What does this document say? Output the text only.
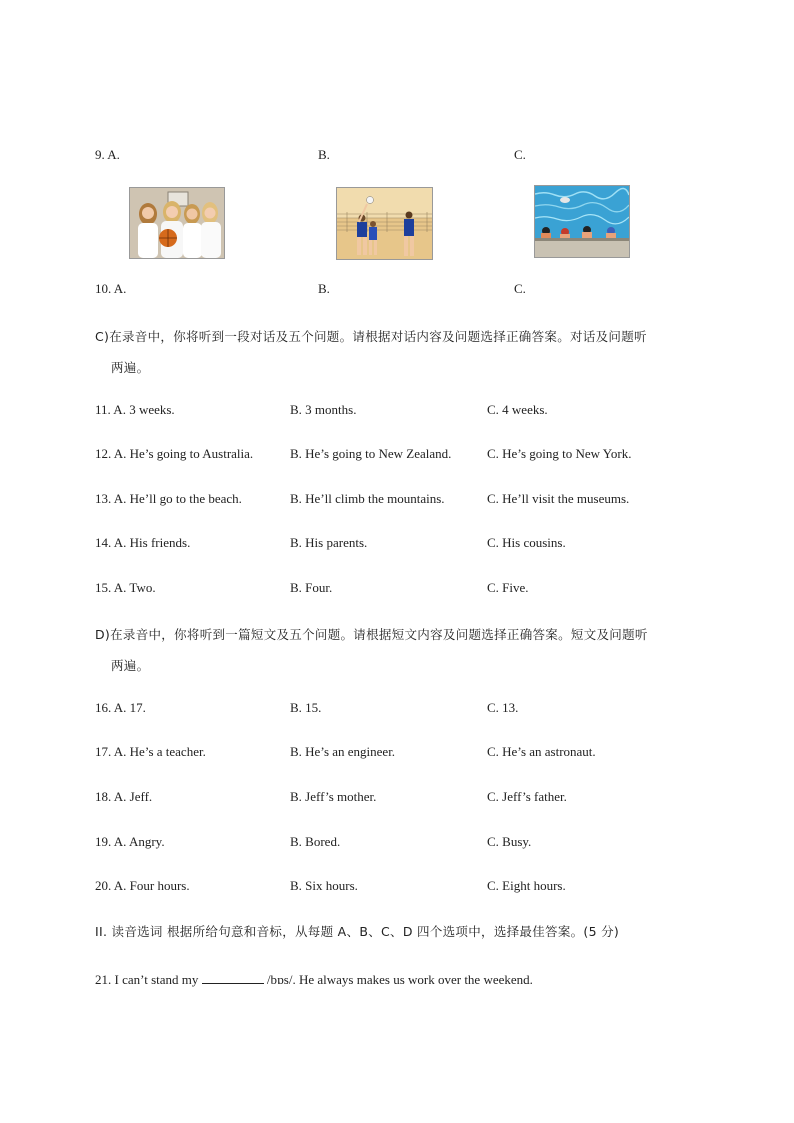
9. A.	B.	C.
10. A.	B.	C.
C)在录音中，你将听到一段对话及五个问题。请根据对话内容及问题选择正确答案。对话及问题听
两遍。
11. A. 3 weeks.	B. 3 months.	C. 4 weeks.
12. A. He’s going to Australia.	B. He’s going to New Zealand.	C. He’s going to New York.
13. A. He’ll go to the beach.	B. He’ll climb the mountains.	C. He’ll visit the museums.
14. A. His friends.	B. His parents.	C. His cousins.
15. A. Two.	B. Four.	C. Five.
D)在录音中，你将听到一篇短文及五个问题。请根据短文内容及问题选择正确答案。短文及问题听
两遍。
16. A. 17.	B. 15.	C. 13.
17. A. He’s a teacher.	B. He’s an engineer.	C. He’s an astronaut.
18. A. Jeff.	B. Jeff’s mother.	C. Jeff’s father.
19. A. Angry.	B. Bored.	C. Busy.
20. A. Four hours.	B. Six hours.	C. Eight hours.
II. 读音选词 根据所给句意和音标，从每题 A、B、C、D 四个选项中，选择最佳答案。(5 分)
21. I can’t stand my	/bɒs/. He always makes us work over the weekend.
